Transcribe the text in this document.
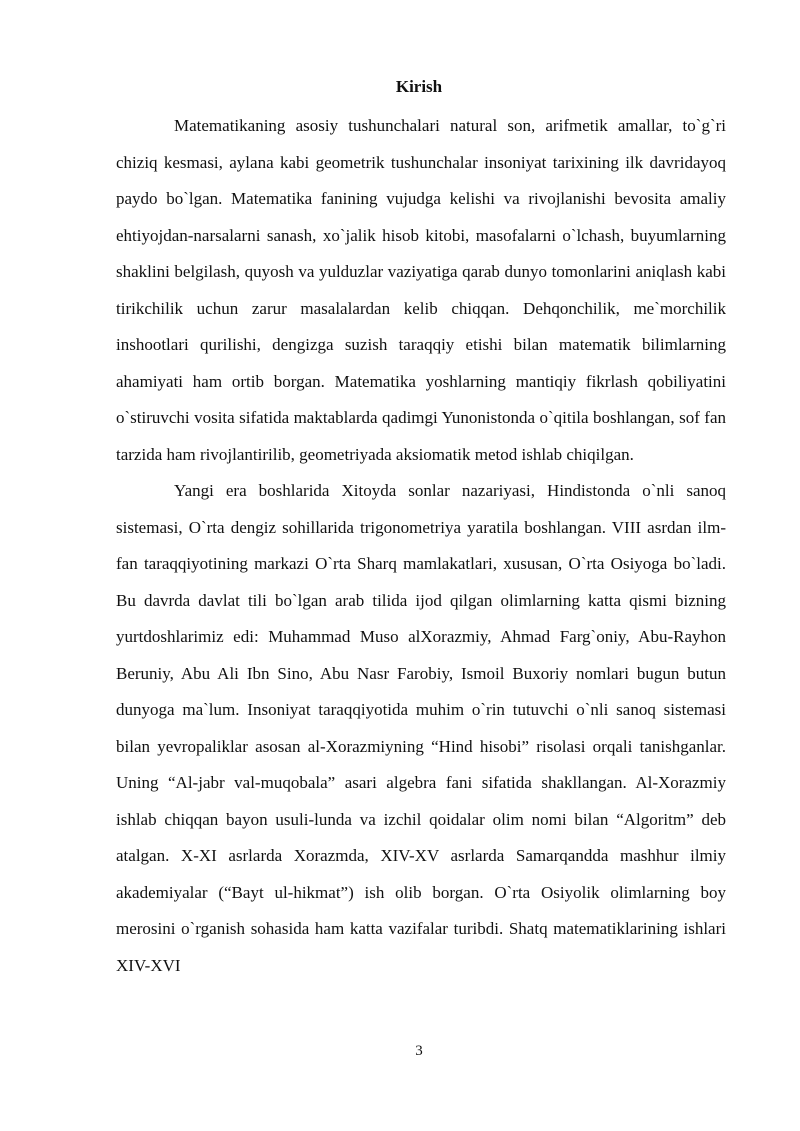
Kirish

Matematikaning asosiy tushunchalari natural son, arifmetik amallar, to`g`ri chiziq kesmasi, aylana kabi geometrik tushunchalar insoniyat tarixining ilk davridayoq paydo bo`lgan. Matematika fanining vujudga kelishi va rivojlanishi bevosita amaliy ehtiyojdan-narsalarni sanash, xo`jalik hisob kitobi, masofalarni o`lchash, buyumlarning shaklini belgilash, quyosh va yulduzlar vaziyatiga qarab dunyo tomonlarini aniqlash kabi tirikchilik uchun zarur masalalardan kelib chiqqan. Dehqonchilik, me`morchilik inshootlari qurilishi, dengizga suzish taraqqiy etishi bilan matematik bilimlarning ahamiyati ham ortib borgan. Matematika yoshlarning mantiqiy fikrlash qobiliyatini o`stiruvchi vosita sifatida maktablarda qadimgi Yunonistonda o`qitila boshlangan, sof fan tarzida ham rivojlantirilib, geometriyada aksiomatik metod ishlab chiqilgan.

Yangi era boshlarida Xitoyda sonlar nazariyasi, Hindistonda o`nli sanoq sistemasi, O`rta dengiz sohillarida trigonometriya yaratila boshlangan. VIII asrdan ilm-fan taraqqiyotining markazi O`rta Sharq mamlakatlari, xususan, O`rta Osiyoga bo`ladi. Bu davrda davlat tili bo`lgan arab tilida ijod qilgan olimlarning katta qismi bizning yurtdoshlarimiz edi: Muhammad Muso alXorazmiy, Ahmad Farg`oniy, Abu-Rayhon Beruniy, Abu Ali Ibn Sino, Abu Nasr Farobiy, Ismoil Buxoriy nomlari bugun butun dunyoga ma`lum. Insoniyat taraqqiyotida muhim o`rin tutuvchi o`nli sanoq sistemasi bilan yevropaliklar asosan al-Xorazmiyning “Hind hisobi” risolasi orqali tanishganlar. Uning “Al-jabr val-muqobala” asari algebra fani sifatida shakllangan. Al-Xorazmiy ishlab chiqqan bayon usuli-lunda va izchil qoidalar olim nomi bilan “Algoritm” deb atalgan. X-XI asrlarda Xorazmda, XIV-XV asrlarda Samarqandda mashhur ilmiy akademiyalar (“Bayt ul-hikmat”) ish olib borgan. O`rta Osiyolik olimlarning boy merosini o`rganish sohasida ham katta vazifalar turibdi. Shatq matematiklarining ishlari XIV-XVI

3
